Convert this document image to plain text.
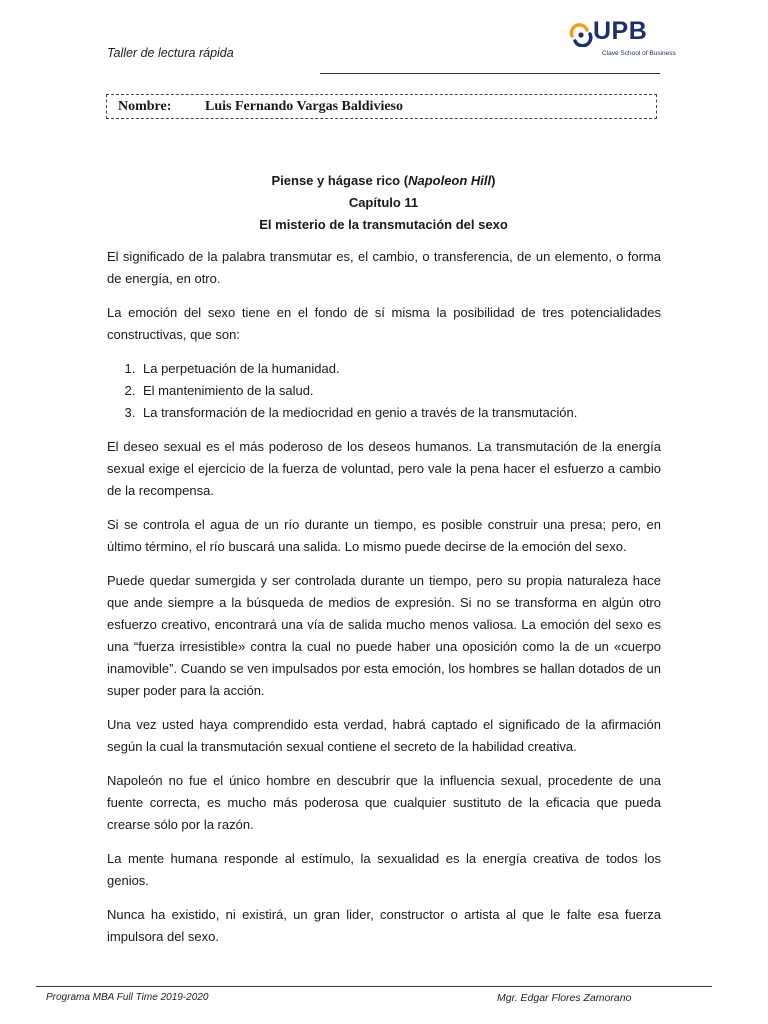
Taller de lectura rápida
UPB
Clave School of Business
Nombre: Luis Fernando Vargas Baldivieso
Piense y hágase rico (Napoleon Hill)
Capítulo 11
El misterio de la transmutación del sexo

El significado de la palabra transmutar es, el cambio, o transferencia, de un elemento, o forma de energía, en otro.

La emoción del sexo tiene en el fondo de sí misma la posibilidad de tres potencialidades constructivas, que son:

1. La perpetuación de la humanidad.
2. El mantenimiento de la salud.
3. La transformación de la mediocridad en genio a través de la transmutación.

El deseo sexual es el más poderoso de los deseos humanos. La transmutación de la energía sexual exige el ejercicio de la fuerza de voluntad, pero vale la pena hacer el esfuerzo a cambio de la recompensa.

Si se controla el agua de un río durante un tiempo, es posible construir una presa; pero, en último término, el río buscará una salida. Lo mismo puede decirse de la emoción del sexo.

Puede quedar sumergida y ser controlada durante un tiempo, pero su propia naturaleza hace que ande siempre a la búsqueda de medios de expresión. Si no se transforma en algún otro esfuerzo creativo, encontrará una vía de salida mucho menos valiosa. La emoción del sexo es una “fuerza irresistible» contra la cual no puede haber una oposición como la de un «cuerpo inamovible”. Cuando se ven impulsados por esta emoción, los hombres se hallan dotados de un super poder para la acción.

Una vez usted haya comprendido esta verdad, habrá captado el significado de la afirmación según la cual la transmutación sexual contiene el secreto de la habilidad creativa.

Napoleón no fue el único hombre en descubrir que la influencia sexual, procedente de una fuente correcta, es mucho más poderosa que cualquier sustituto de la eficacia que pueda crearse sólo por la razón.

La mente humana responde al estímulo, la sexualidad es la energía creativa de todos los genios.

Nunca ha existido, ni existirá, un gran lider, constructor o artista al que le falte esa fuerza impulsora del sexo.

Programa MBA Full Time 2019-2020	Mgr. Edgar Flores Zamorano
